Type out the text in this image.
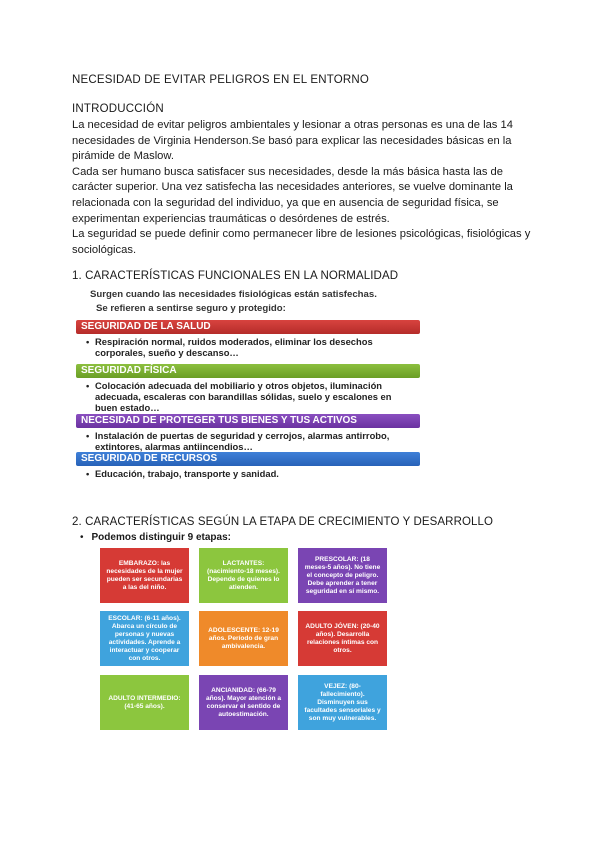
NECESIDAD DE EVITAR PELIGROS EN EL ENTORNO
INTRODUCCIÓN

La necesidad de evitar peligros ambientales y lesionar a otras personas es una de las 14 necesidades de Virginia Henderson.Se basó para explicar las necesidades básicas en la pirámide de Maslow.

Cada ser humano busca satisfacer sus necesidades, desde la más básica hasta las de carácter superior. Una vez satisfecha las necesidades anteriores, se vuelve dominante la relacionada con la seguridad del individuo, ya que en ausencia de seguridad física, se experimentan experiencias traumáticas o desórdenes de estrés.

La seguridad se puede definir como permanecer libre de lesiones psicológicas, fisiológicas y sociológicas.

1. CARACTERÍSTICAS FUNCIONALES EN LA NORMALIDAD
Surgen cuando las necesidades fisiológicas están satisfechas.
Se refieren a sentirse seguro y protegido:
SEGURIDAD DE LA SALUD
• Respiración normal, ruidos moderados, eliminar los desechos corporales, sueño y descanso…
SEGURIDAD FÍSICA
• Colocación adecuada del mobiliario y otros objetos, iluminación adecuada, escaleras con barandillas sólidas, suelo y escalones en buen estado…
NECESIDAD DE PROTEGER TUS BIENES Y TUS ACTIVOS
• Instalación de puertas de seguridad y cerrojos, alarmas antirrobo, extintores, alarmas antiincendios…
SEGURIDAD DE RECURSOS
• Educación, trabajo, transporte y sanidad.
2. CARACTERÍSTICAS SEGÚN LA ETAPA DE CRECIMIENTO Y DESARROLLO
• Podemos distinguir 9 etapas:
EMBARAZO: las necesidades de la mujer pueden ser secundarias a las del niño.
LACTANTES: (nacimiento-18 meses). Depende de quienes lo atienden.
PRESCOLAR: (18 meses-5 años). No tiene el concepto de peligro. Debe aprender a tener seguridad en sí mismo.
ESCOLAR: (6-11 años). Abarca un círculo de personas y nuevas actividades. Aprende a interactuar y cooperar con otros.
ADOLESCENTE: 12-19 años. Período de gran ambivalencia.
ADULTO JÓVEN: (20-40 años). Desarrolla relaciones íntimas con otros.
ADULTO INTERMEDIO: (41-65 años).
ANCIANIDAD: (66-79 años). Mayor atención a conservar el sentido de autoestimación.
VEJEZ: (80-fallecimiento). Disminuyen sus facultades sensoriales y son muy vulnerables.
